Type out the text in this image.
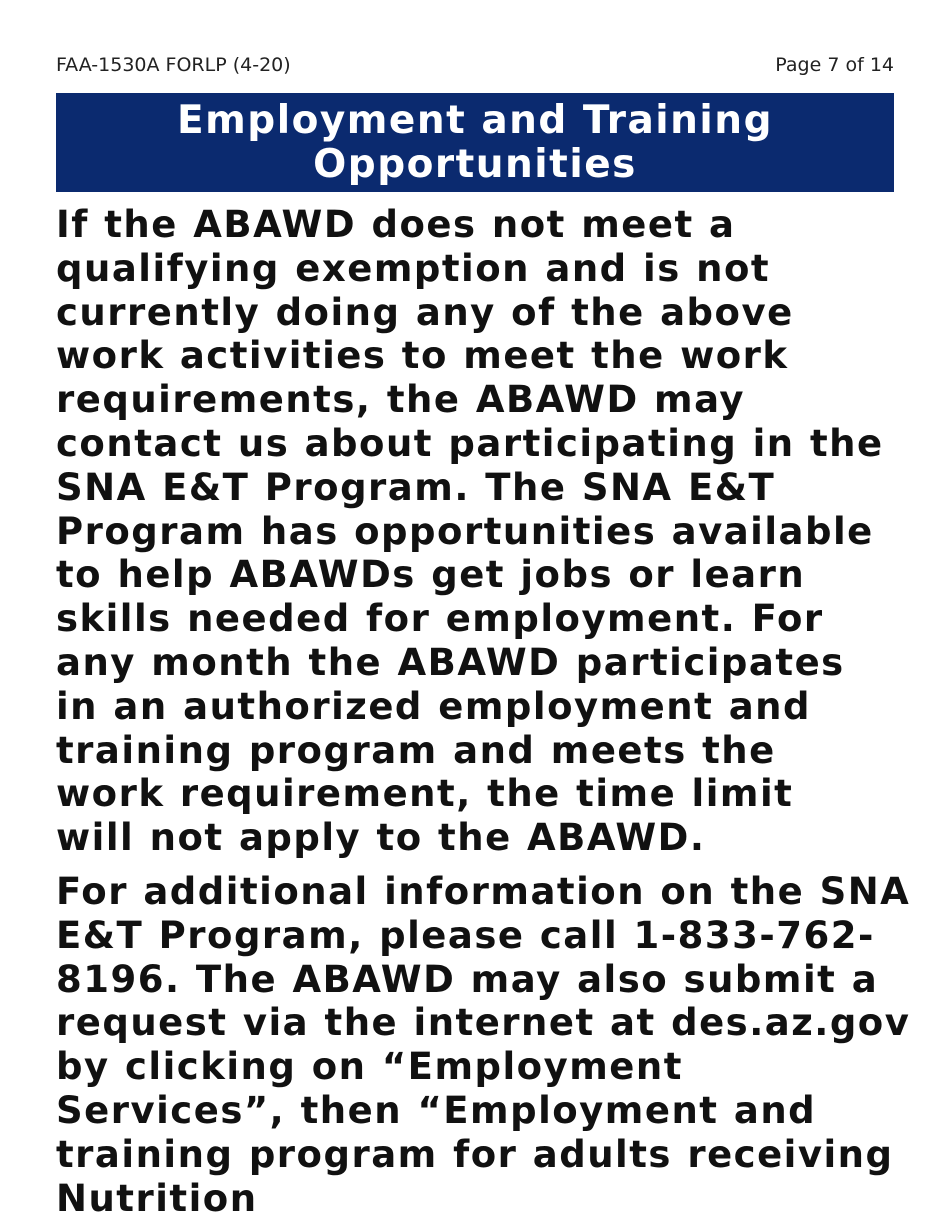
FAA-1530A FORLP (4-20)	Page 7 of 14
Employment and Training Opportunities

If the ABAWD does not meet a qualifying exemption and is not currently doing any of the above work activities to meet the work requirements, the ABAWD may contact us about participating in the SNA E&T Program. The SNA E&T Program has opportunities available to help ABAWDs get jobs or learn skills needed for employment. For any month the ABAWD participates in an authorized employment and training program and meets the work requirement, the time limit will not apply to the ABAWD.

For additional information on the SNA E&T Program, please call 1-833-762-8196. The ABAWD may also submit a request via the internet at des.az.gov by clicking on “Employment Services”, then “Employment and training program for adults receiving Nutrition
